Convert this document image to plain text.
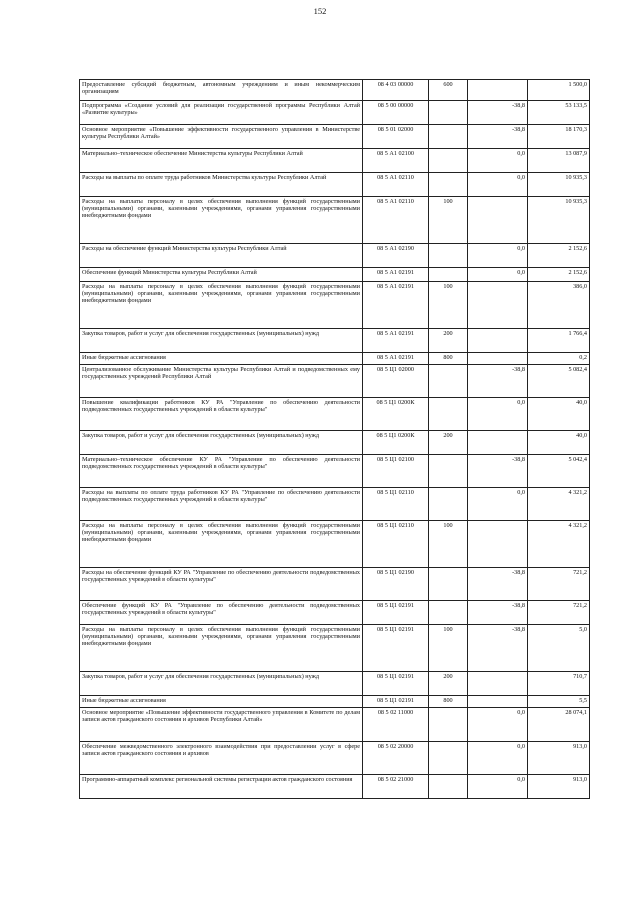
152
Предоставление субсидий бюджетным, автономным учреждениям и иным некоммерческим организациям	08 4 03 00000	600		1 500,0
Подпрограмма «Создание условий для реализации государственной программы Республики Алтай «Развитие культуры»	08 5 00 00000		-38,8	53 133,5
Основное мероприятие «Повышение эффективности государственного управления в Министерстве культуры Республики Алтай»	08 5 01 02000		-38,8	18 170,3
Материально–техническое обеспечение Министерства культуры Республики Алтай	08 5 А1 02100		0,0	13 087,9
Расходы на выплаты по оплате труда работников Министерства культуры Республики Алтай	08 5 А1 02110		0,0	10 935,3
Расходы на выплаты персоналу в целях обеспечения выполнения функций государственными (муниципальными) органами, казенными учреждениями, органами управления государственными внебюджетными фондами	08 5 А1 02110	100		10 935,3
Расходы на обеспечение функций Министерства культуры Республики Алтай	08 5 А1 02190		0,0	2 152,6
Обеспечение функций Министерства культуры Республики Алтай	08 5 А1 02191		0,0	2 152,6
Расходы на выплаты персоналу в целях обеспечения выполнения функций государственными (муниципальными) органами, казенными учреждениями, органами управления государственными внебюджетными фондами	08 5 А1 02191	100		386,0
Закупка товаров, работ и услуг для обеспечения государственных (муниципальных) нужд	08 5 А1 02191	200		1 766,4
Иные бюджетные ассигнования	08 5 А1 02191	800		0,2
Централизованное обслуживание Министерства культуры Республики Алтай и подведомственных ему государственных учреждений Республики Алтай	08 5 Ц1 02000		-38,8	5 082,4
Повышение квалификации работников КУ РА "Управление по обеспечению деятельности подведомственных государственных учреждений в области культуры"	08 5 Ц1 0200К		0,0	40,0
Закупка товаров, работ и услуг для обеспечения государственных (муниципальных) нужд	08 5 Ц1 0200К	200		40,0
Материально–техническое обеспечение КУ РА "Управление по обеспечению деятельности подведомственных государственных учреждений в области культуры"	08 5 Ц1 02100		-38,8	5 042,4
Расходы на выплаты по оплате труда работников КУ РА "Управление по обеспечению деятельности подведомственных государственных учреждений в области культуры"	08 5 Ц1 02110		0,0	4 321,2
Расходы на выплаты персоналу в целях обеспечения выполнения функций государственными (муниципальными) органами, казенными учреждениями, органами управления государственными внебюджетными фондами	08 5 Ц1 02110	100		4 321,2
Расходы на обеспечение функций КУ РА "Управление по обеспечению деятельности подведомственных государственных учреждений в области культуры"	08 5 Ц1 02190		-38,8	721,2
Обеспечение функций КУ РА "Управление по обеспечению деятельности подведомственных государственных учреждений в области культуры"	08 5 Ц1 02191		-38,8	721,2
Расходы на выплаты персоналу в целях обеспечения выполнения функций государственными (муниципальными) органами, казенными учреждениями, органами управления государственными внебюджетными фондами	08 5 Ц1 02191	100	-38,8	5,0
Закупка товаров, работ и услуг для обеспечения государственных (муниципальных) нужд	08 5 Ц1 02191	200		710,7
Иные бюджетные ассигнования	08 5 Ц1 02191	800		5,5
Основное мероприятие «Повышение эффективности государственного управления в Комитете по делам записи актов гражданского состояния и архивов Республики Алтай»	08 5 02 11000		0,0	28 074,1
Обеспечение межведомственного электронного взаимодействия при предоставлении услуг в сфере записи актов гражданского состояния и архивов	08 5 02 20000		0,0	913,0
Программно-аппаратный комплекс региональной системы регистрации актов гражданского состояния	08 5 02 21000		0,0	913,0
